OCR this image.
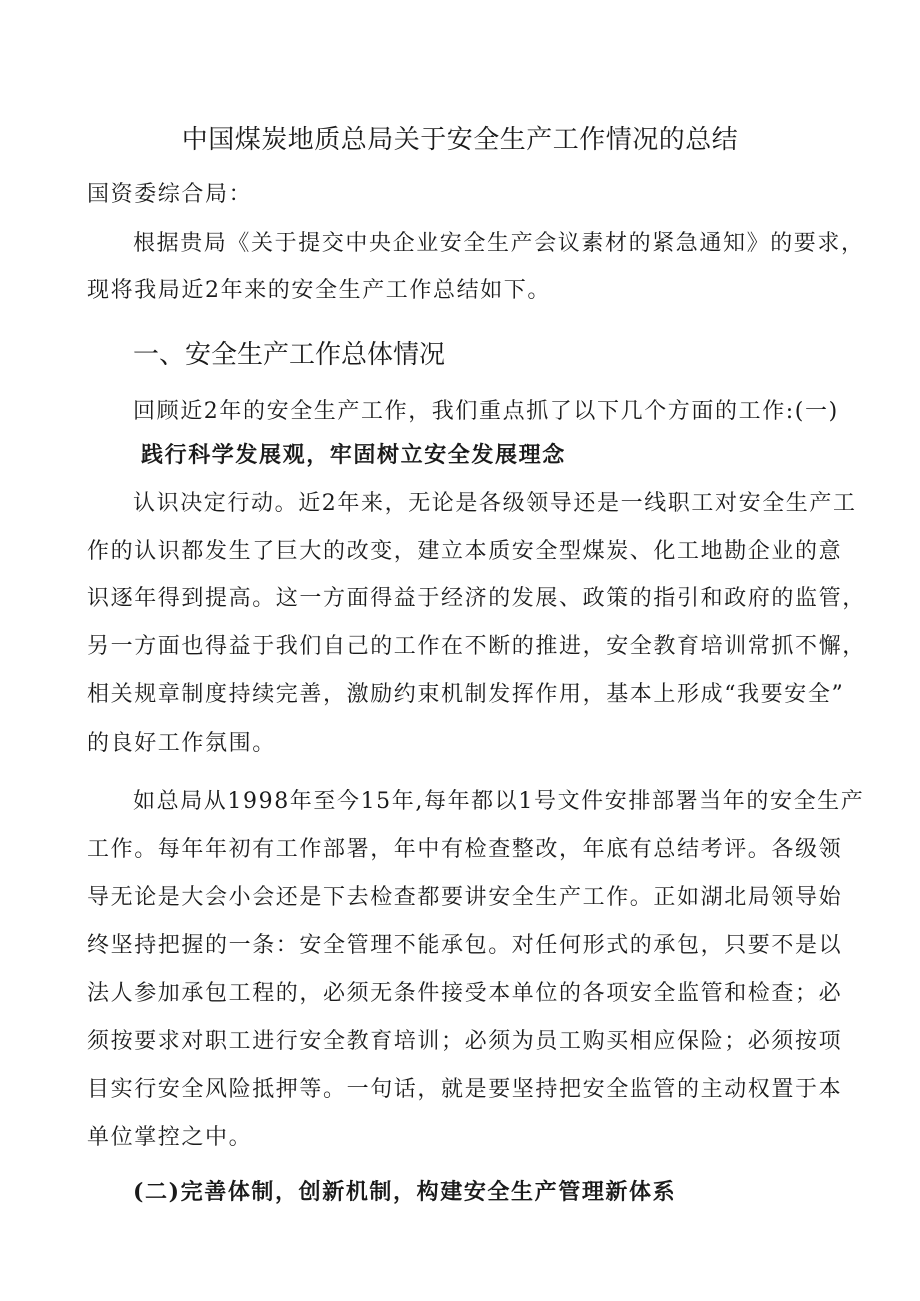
中国煤炭地质总局关于安全生产工作情况的总结
国资委综合局：
根据贵局《关于提交中央企业安全生产会议素材的紧急通知》的要求，
现将我局近2年来的安全生产工作总结如下。
一、安全生产工作总体情况
回顾近2年的安全生产工作，我们重点抓了以下几个方面的工作:(一)
践行科学发展观，牢固树立安全发展理念
认识决定行动。近2年来，无论是各级领导还是一线职工对安全生产工
作的认识都发生了巨大的改变，建立本质安全型煤炭、化工地勘企业的意
识逐年得到提高。这一方面得益于经济的发展、政策的指引和政府的监管，
另一方面也得益于我们自己的工作在不断的推进，安全教育培训常抓不懈，
相关规章制度持续完善，激励约束机制发挥作用，基本上形成“我要安全”
的良好工作氛围。
如总局从1998年至今15年,每年都以1号文件安排部署当年的安全生产
工作。每年年初有工作部署，年中有检查整改，年底有总结考评。各级领
导无论是大会小会还是下去检查都要讲安全生产工作。正如湖北局领导始
终坚持把握的一条：安全管理不能承包。对任何形式的承包，只要不是以
法人参加承包工程的，必须无条件接受本单位的各项安全监管和检查；必
须按要求对职工进行安全教育培训；必须为员工购买相应保险；必须按项
目实行安全风险抵押等。一句话，就是要坚持把安全监管的主动权置于本
单位掌控之中。
(二)完善体制，创新机制，构建安全生产管理新体系
